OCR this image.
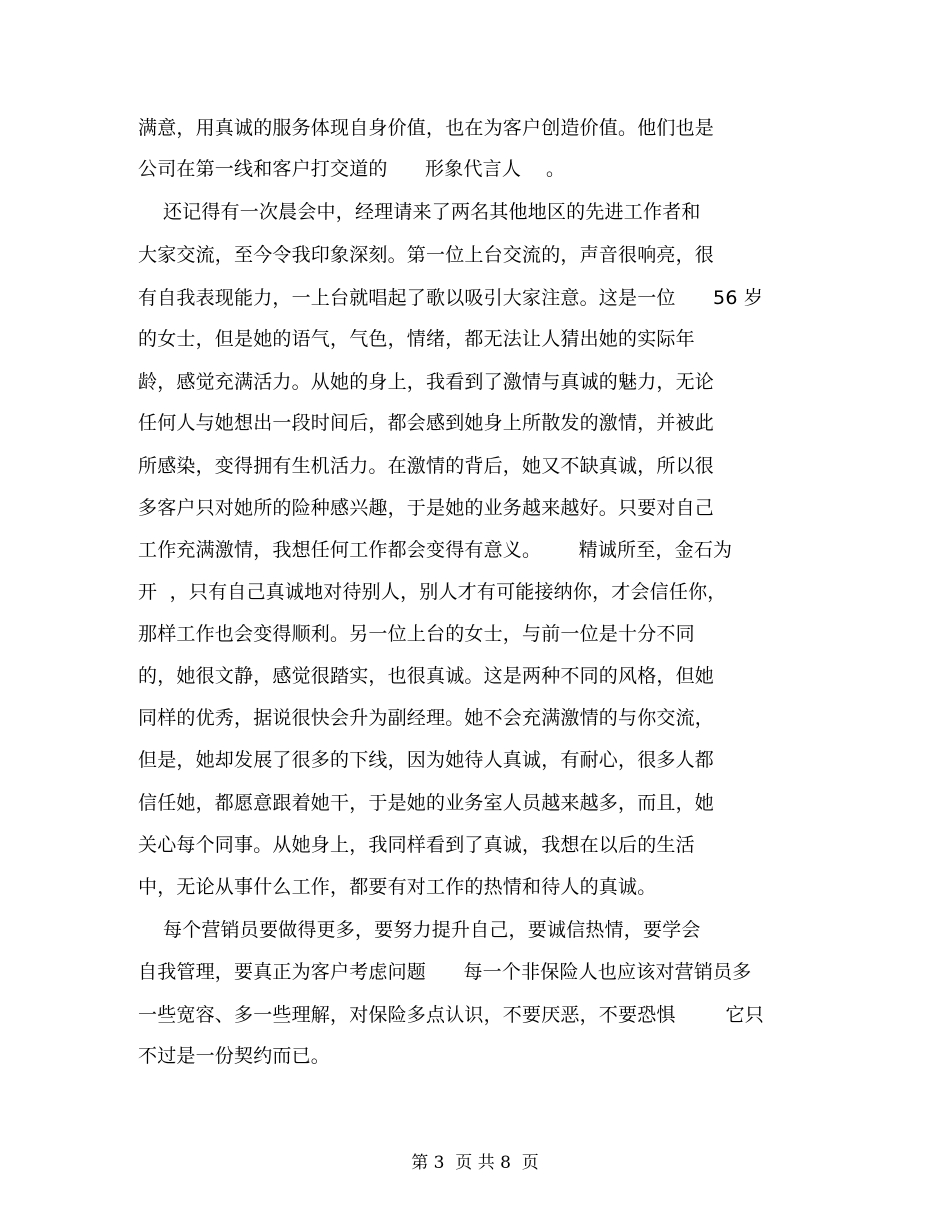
满意，用真诚的服务体现自身价值，也在为客户创造价值。他们也是
公司在第一线和客户打交道的      形象代言人    。
还记得有一次晨会中，经理请来了两名其他地区的先进工作者和
大家交流，至今令我印象深刻。第一位上台交流的，声音很响亮，很
有自我表现能力，一上台就唱起了歌以吸引大家注意。这是一位      56 岁
的女士，但是她的语气，气色，情绪，都无法让人猜出她的实际年
龄，感觉充满活力。从她的身上，我看到了激情与真诚的魅力，无论
任何人与她想出一段时间后，都会感到她身上所散发的激情，并被此
所感染，变得拥有生机活力。在激情的背后，她又不缺真诚，所以很
多客户只对她所的险种感兴趣，于是她的业务越来越好。只要对自己
工作充满激情，我想任何工作都会变得有意义。      精诚所至，金石为
开  ，只有自己真诚地对待别人，别人才有可能接纳你，才会信任你，
那样工作也会变得顺利。另一位上台的女士，与前一位是十分不同
的，她很文静，感觉很踏实，也很真诚。这是两种不同的风格，但她
同样的优秀，据说很快会升为副经理。她不会充满激情的与你交流，
但是，她却发展了很多的下线，因为她待人真诚，有耐心，很多人都
信任她，都愿意跟着她干，于是她的业务室人员越来越多，而且，她
关心每个同事。从她身上，我同样看到了真诚，我想在以后的生活
中，无论从事什么工作，都要有对工作的热情和待人的真诚。
每个营销员要做得更多，要努力提升自己，要诚信热情，要学会
自我管理，要真正为客户考虑问题      每一个非保险人也应该对营销员多
一些宽容、多一些理解，对保险多点认识，不要厌恶，不要恐惧        它只
不过是一份契约而已。
第 3  页 共 8  页
